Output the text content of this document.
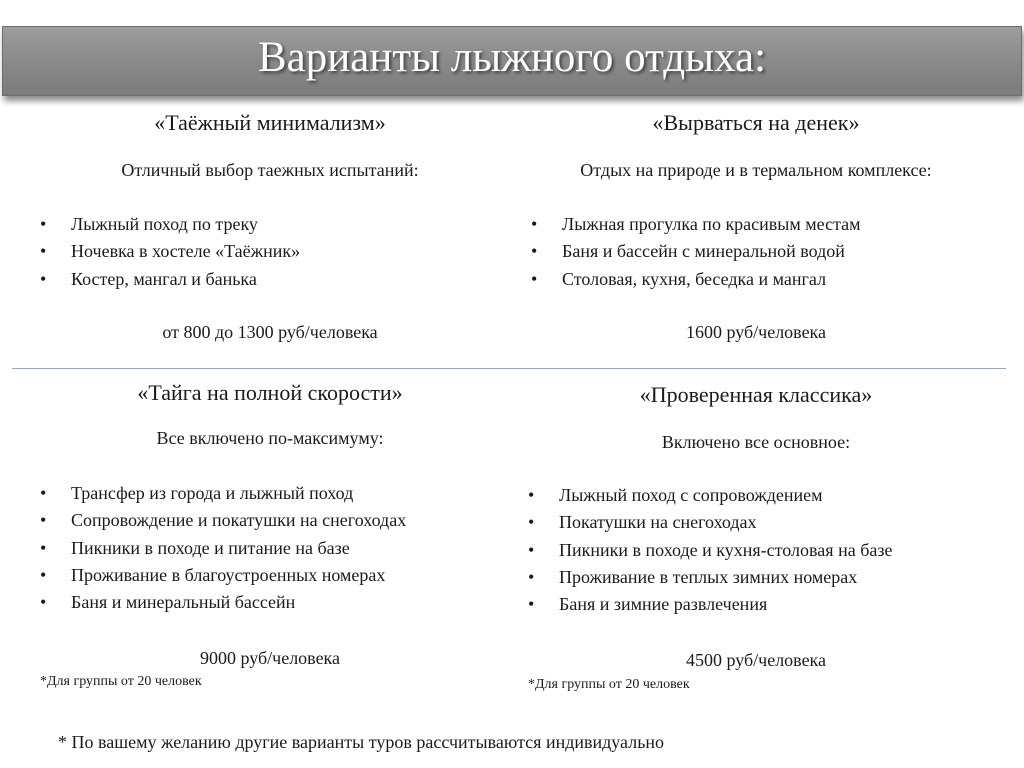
Варианты лыжного отдыха:
«Таёжный минимализм»
Отличный выбор таежных испытаний:
• Лыжный поход по треку
• Ночевка в хостеле «Таёжник»
• Костер, мангал и банька
от 800 до 1300 руб/человека
«Вырваться на денек»
Отдых на природе и в термальном комплексе:
• Лыжная прогулка по красивым местам
• Баня и бассейн с минеральной водой
• Столовая, кухня, беседка и мангал
1600 руб/человека
«Тайга на полной скорости»
Все включено по-максимуму:
• Трансфер из города и лыжный поход
• Сопровождение и покатушки на снегоходах
• Пикники в походе и питание на базе
• Проживание в благоустроенных номерах
• Баня и минеральный бассейн
9000 руб/человека
*Для группы от 20 человек
«Проверенная классика»
Включено все основное:
• Лыжный поход с сопровождением
• Покатушки на снегоходах
• Пикники в походе и кухня-столовая на базе
• Проживание в теплых зимних номерах
• Баня и зимние развлечения
4500 руб/человека
*Для группы от 20 человек
* По вашему желанию другие варианты туров рассчитываются индивидуально
